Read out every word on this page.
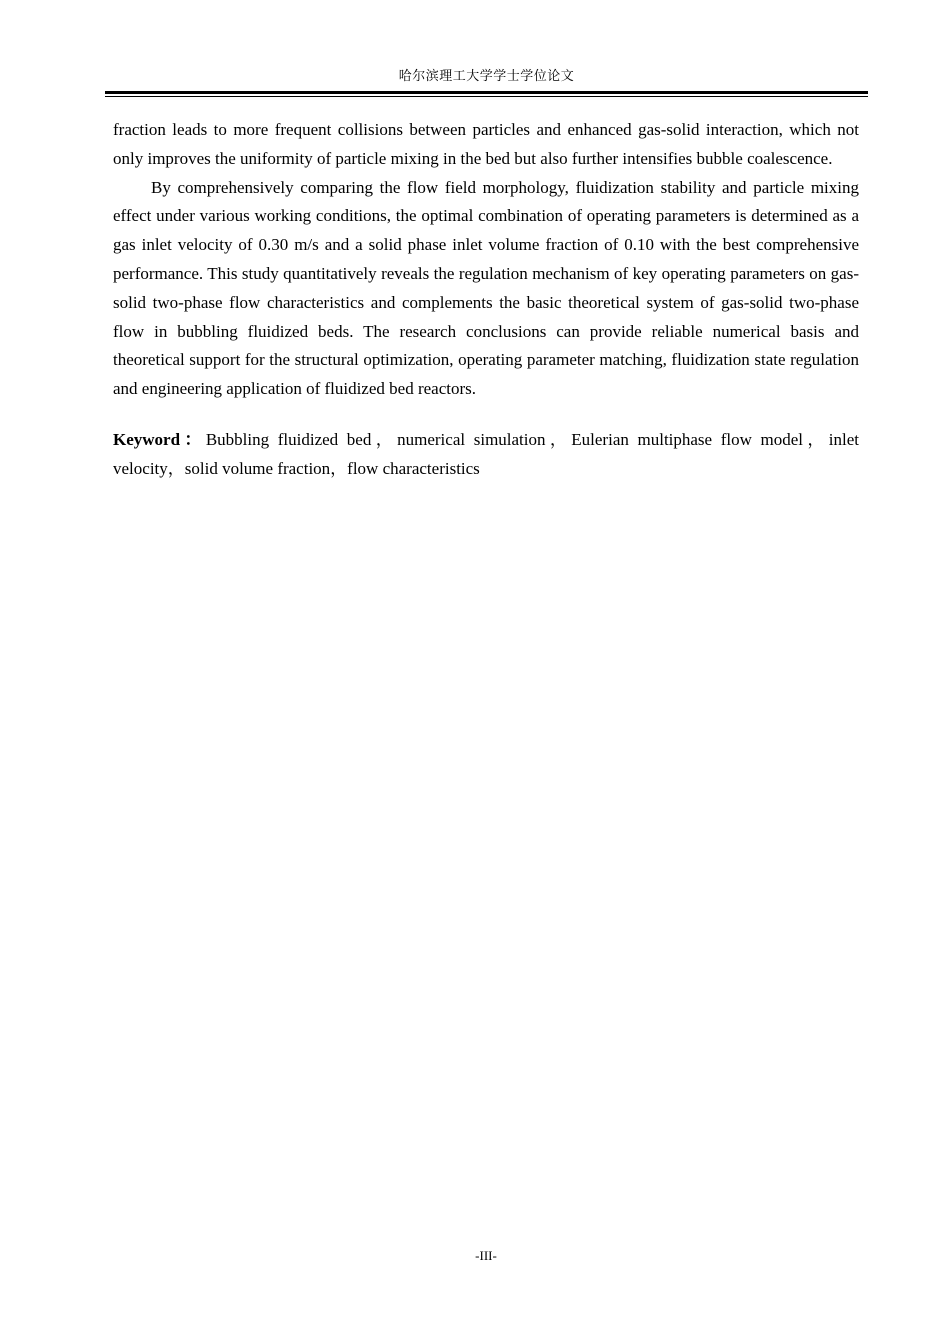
哈尔滨理工大学学士学位论文

fraction leads to more frequent collisions between particles and enhanced gas-solid interaction, which not only improves the uniformity of particle mixing in the bed but also further intensifies bubble coalescence.

By comprehensively comparing the flow field morphology, fluidization stability and particle mixing effect under various working conditions, the optimal combination of operating parameters is determined as a gas inlet velocity of 0.30 m/s and a solid phase inlet volume fraction of 0.10 with the best comprehensive performance. This study quantitatively reveals the regulation mechanism of key operating parameters on gas-solid two-phase flow characteristics and complements the basic theoretical system of gas-solid two-phase flow in bubbling fluidized beds. The research conclusions can provide reliable numerical basis and theoretical support for the structural optimization, operating parameter matching, fluidization state regulation and engineering application of fluidized bed reactors.

Keyword：Bubbling fluidized bed，numerical simulation，Eulerian multiphase flow model，inlet velocity，solid volume fraction，flow characteristics

-III-
